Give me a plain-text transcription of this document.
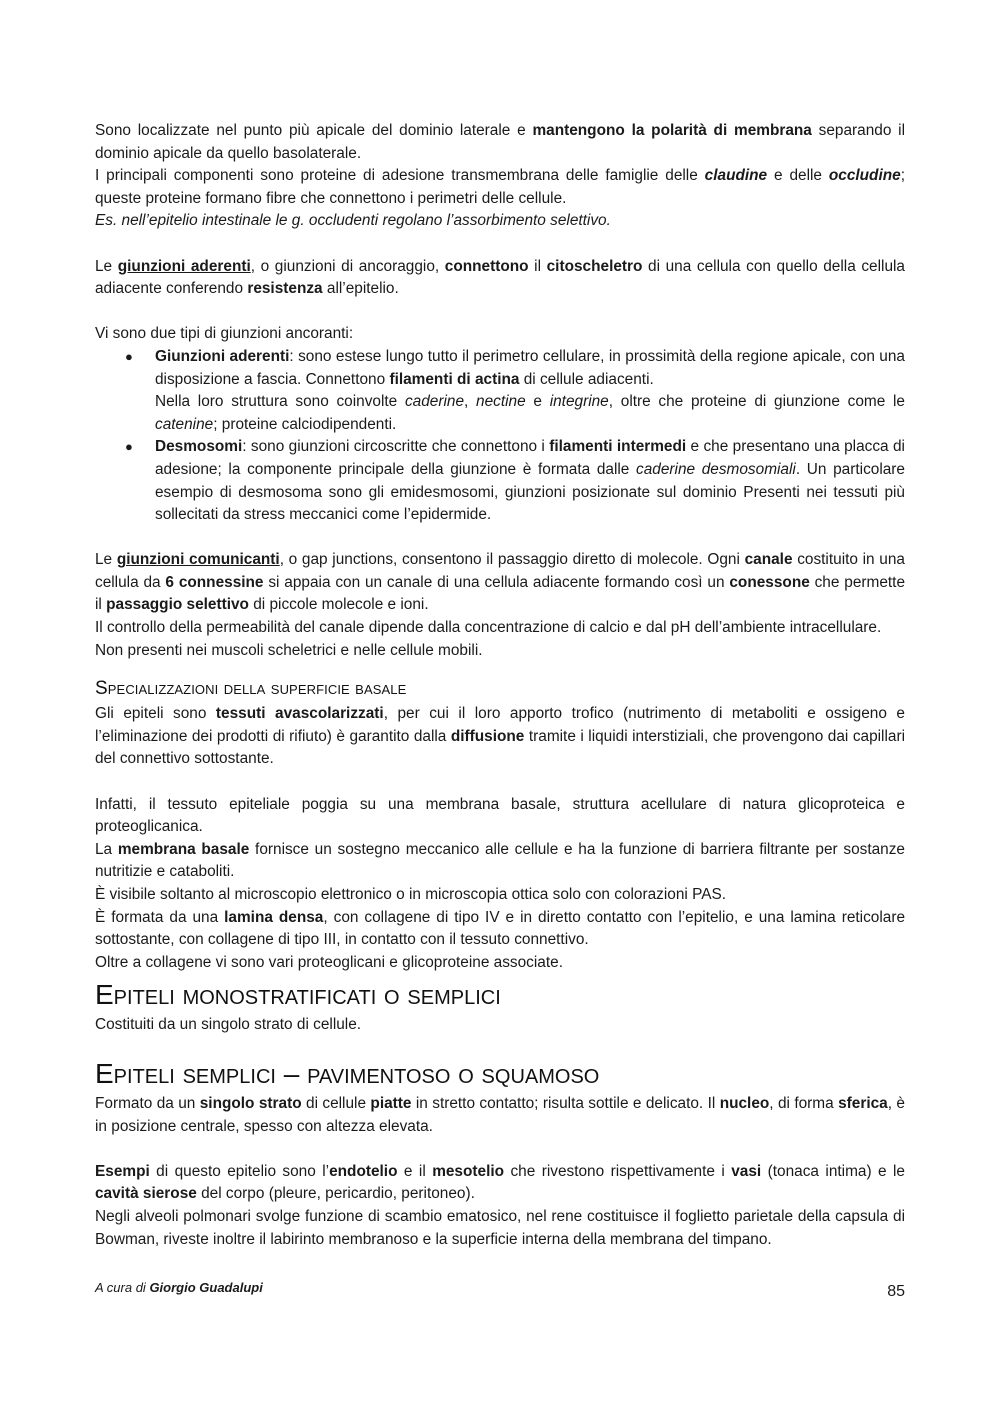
Sono localizzate nel punto più apicale del dominio laterale e mantengono la polarità di membrana separando il dominio apicale da quello basolaterale.

I principali componenti sono proteine di adesione transmembrana delle famiglie delle claudine e delle occludine; queste proteine formano fibre che connettono i perimetri delle cellule.

Es. nell’epitelio intestinale le g. occludenti regolano l’assorbimento selettivo.

Le giunzioni aderenti, o giunzioni di ancoraggio, connettono il citoscheletro di una cellula con quello della cellula adiacente conferendo resistenza all’epitelio.

Vi sono due tipi di giunzioni ancoranti:

● Giunzioni aderenti: sono estese lungo tutto il perimetro cellulare, in prossimità della regione apicale, con una disposizione a fascia. Connettono filamenti di actina di cellule adiacenti.
Nella loro struttura sono coinvolte caderine, nectine e integrine, oltre che proteine di giunzione come le catenine; proteine calciodipendenti.
● Desmosomi: sono giunzioni circoscritte che connettono i filamenti intermedi e che presentano una placca di adesione; la componente principale della giunzione è formata dalle caderine desmosomiali. Un particolare esempio di desmosoma sono gli emidesmosomi, giunzioni posizionate sul dominio Presenti nei tessuti più sollecitati da stress meccanici come l’epidermide.

Le giunzioni comunicanti, o gap junctions, consentono il passaggio diretto di molecole. Ogni canale costituito in una cellula da 6 connessine si appaia con un canale di una cellula adiacente formando così un conessone che permette il passaggio selettivo di piccole molecole e ioni.

Il controllo della permeabilità del canale dipende dalla concentrazione di calcio e dal pH dell’ambiente intracellulare.

Non presenti nei muscoli scheletrici e nelle cellule mobili.

Specializzazioni della superficie basale

Gli epiteli sono tessuti avascolarizzati, per cui il loro apporto trofico (nutrimento di metaboliti e ossigeno e l’eliminazione dei prodotti di rifiuto) è garantito dalla diffusione tramite i liquidi interstiziali, che provengono dai capillari del connettivo sottostante.

Infatti, il tessuto epiteliale poggia su una membrana basale, struttura acellulare di natura glicoproteica e proteoglicanica.

La membrana basale fornisce un sostegno meccanico alle cellule e ha la funzione di barriera filtrante per sostanze nutritizie e cataboliti.

È visibile soltanto al microscopio elettronico o in microscopia ottica solo con colorazioni PAS.

È formata da una lamina densa, con collagene di tipo IV e in diretto contatto con l’epitelio, e una lamina reticolare sottostante, con collagene di tipo III, in contatto con il tessuto connettivo.

Oltre a collagene vi sono vari proteoglicani e glicoproteine associate.

Epiteli monostratificati o semplici

Costituiti da un singolo strato di cellule.

Epiteli semplici – pavimentoso o squamoso

Formato da un singolo strato di cellule piatte in stretto contatto; risulta sottile e delicato. Il nucleo, di forma sferica, è in posizione centrale, spesso con altezza elevata.

Esempi di questo epitelio sono l’endotelio e il mesotelio che rivestono rispettivamente i vasi (tonaca intima) e le cavità sierose del corpo (pleure, pericardio, peritoneo).

Negli alveoli polmonari svolge funzione di scambio ematosico, nel rene costituisce il foglietto parietale della capsula di Bowman, riveste inoltre il labirinto membranoso e la superficie interna della membrana del timpano.

A cura di Giorgio Guadalupi	85
